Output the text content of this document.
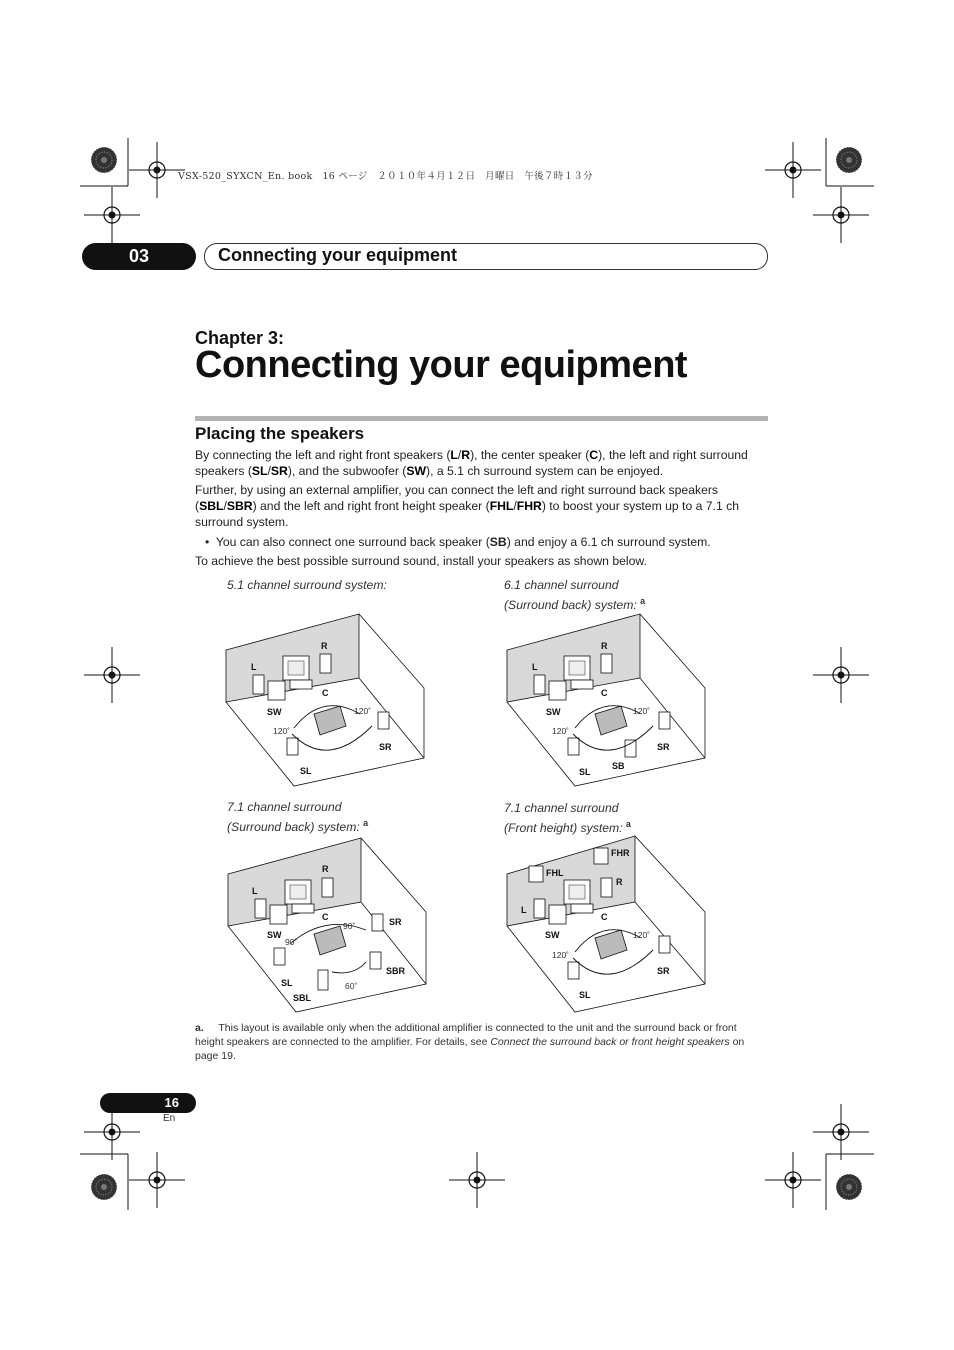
VSX-520_SYXCN_En. book　16 ページ　２０１０年４月１２日　月曜日　午後７時１３分
03	Connecting your equipment
Chapter 3:
Connecting your equipment
Placing the speakers
By connecting the left and right front speakers (L/R), the center speaker (C), the left and right surround speakers (SL/SR), and the subwoofer (SW), a 5.1 ch surround system can be enjoyed.
Further, by using an external amplifier, you can connect the left and right surround back speakers (SBL/SBR) and the left and right front height speaker (FHL/FHR) to boost your system up to a 7.1 ch surround system.
• You can also connect one surround back speaker (SB) and enjoy a 6.1 ch surround system.
To achieve the best possible surround sound, install your speakers as shown below.
5.1 channel surround system:	6.1 channel surround
(Surround back) system: $^a$
7.1 channel surround
(Surround back) system: $^a$
7.1 channel surround
(Front height) system: $^a$
R
L
C
SW
SR
SL
120˚
120˚
R
L
C
SW
SR
SB
SL
120˚
120˚
R
L
C
SW
SR
SL
SBR
SBL
90˚
90˚
60˚
FHR
FHL
R
L
C
SW
SR
SL
120˚
120˚
a. This layout is available only when the additional amplifier is connected to the unit and the surround back or front height speakers are connected to the amplifier. For details, see Connect the surround back or front height speakers on page 19.
16
En
